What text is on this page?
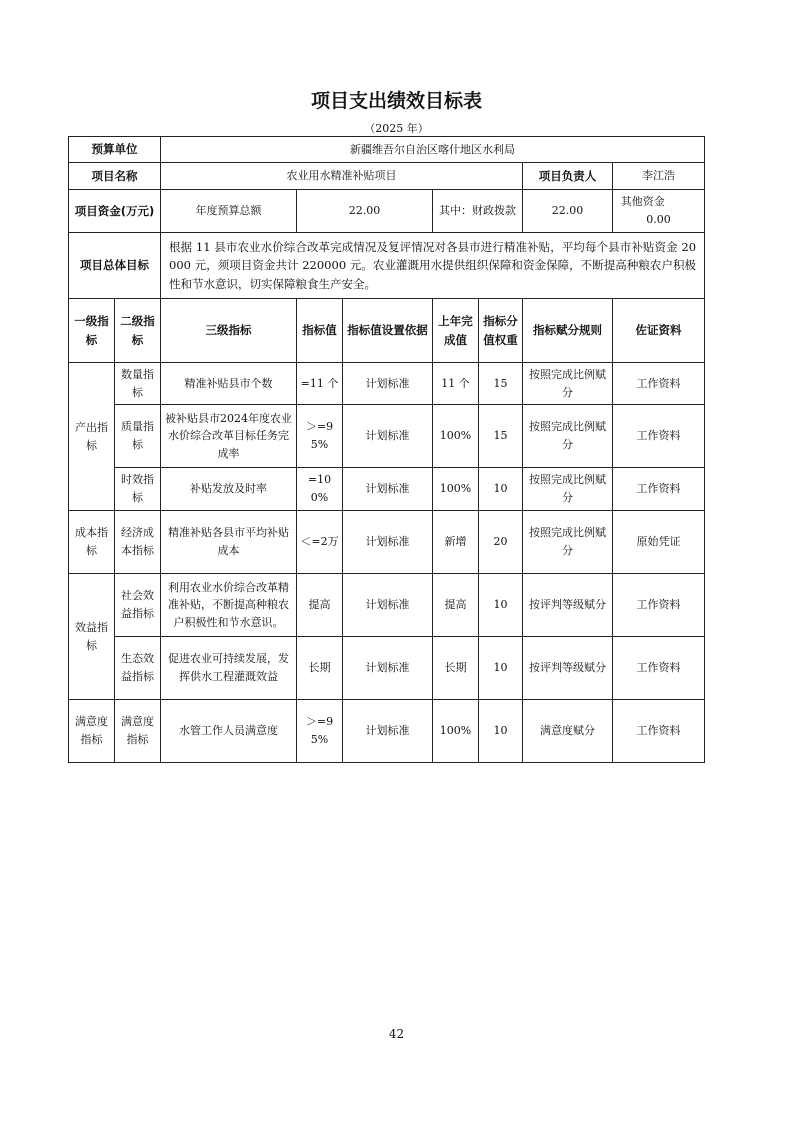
项目支出绩效目标表
（2025 年）
预算单位		新疆维吾尔自治区喀什地区水利局						
项目名称		农业用水精准补贴项目					项目负责人	李江浩
项目资金(万元)		年度预算总额	22.00		其中：财政拨款		22.00	其他资金  0.00
项目总体目标		根据 11 县市农业水价综合改革完成情况及复评情况对各县市进行精准补贴，平均每个县市补贴资金 20000 元，须项目资金共计 220000 元。农业灌溉用水提供组织保障和资金保障，不断提高种粮农户积极性和节水意识，切实保障粮食生产安全。						
一级指标	二级指标	三级指标	指标值	指标值设置依据	上年完成值	指标分值权重	指标赋分规则	佐证资料
产出指标	数量指标	精准补贴县市个数	=11 个	计划标准	11 个	15	按照完成比例赋分	工作资料
	质量指标	被补贴县市2024年度农业水价综合改革目标任务完成率	＞=95%	计划标准	100%	15	按照完成比例赋分	工作资料
	时效指标	补贴发放及时率	=100%	计划标准	100%	10	按照完成比例赋分	工作资料
成本指标	经济成本指标	精准补贴各县市平均补贴成本	＜=2万	计划标准	新增	20	按照完成比例赋分	原始凭证
效益指标	社会效益指标	利用农业水价综合改革精准补贴，不断提高种粮农户积极性和节水意识。	提高	计划标准	提高	10	按评判等级赋分	工作资料
	生态效益指标	促进农业可持续发展，发挥供水工程灌溉效益	长期	计划标准	长期	10	按评判等级赋分	工作资料
满意度指标	满意度指标	水管工作人员满意度	＞=95%	计划标准	100%	10	满意度赋分	工作资料
42
